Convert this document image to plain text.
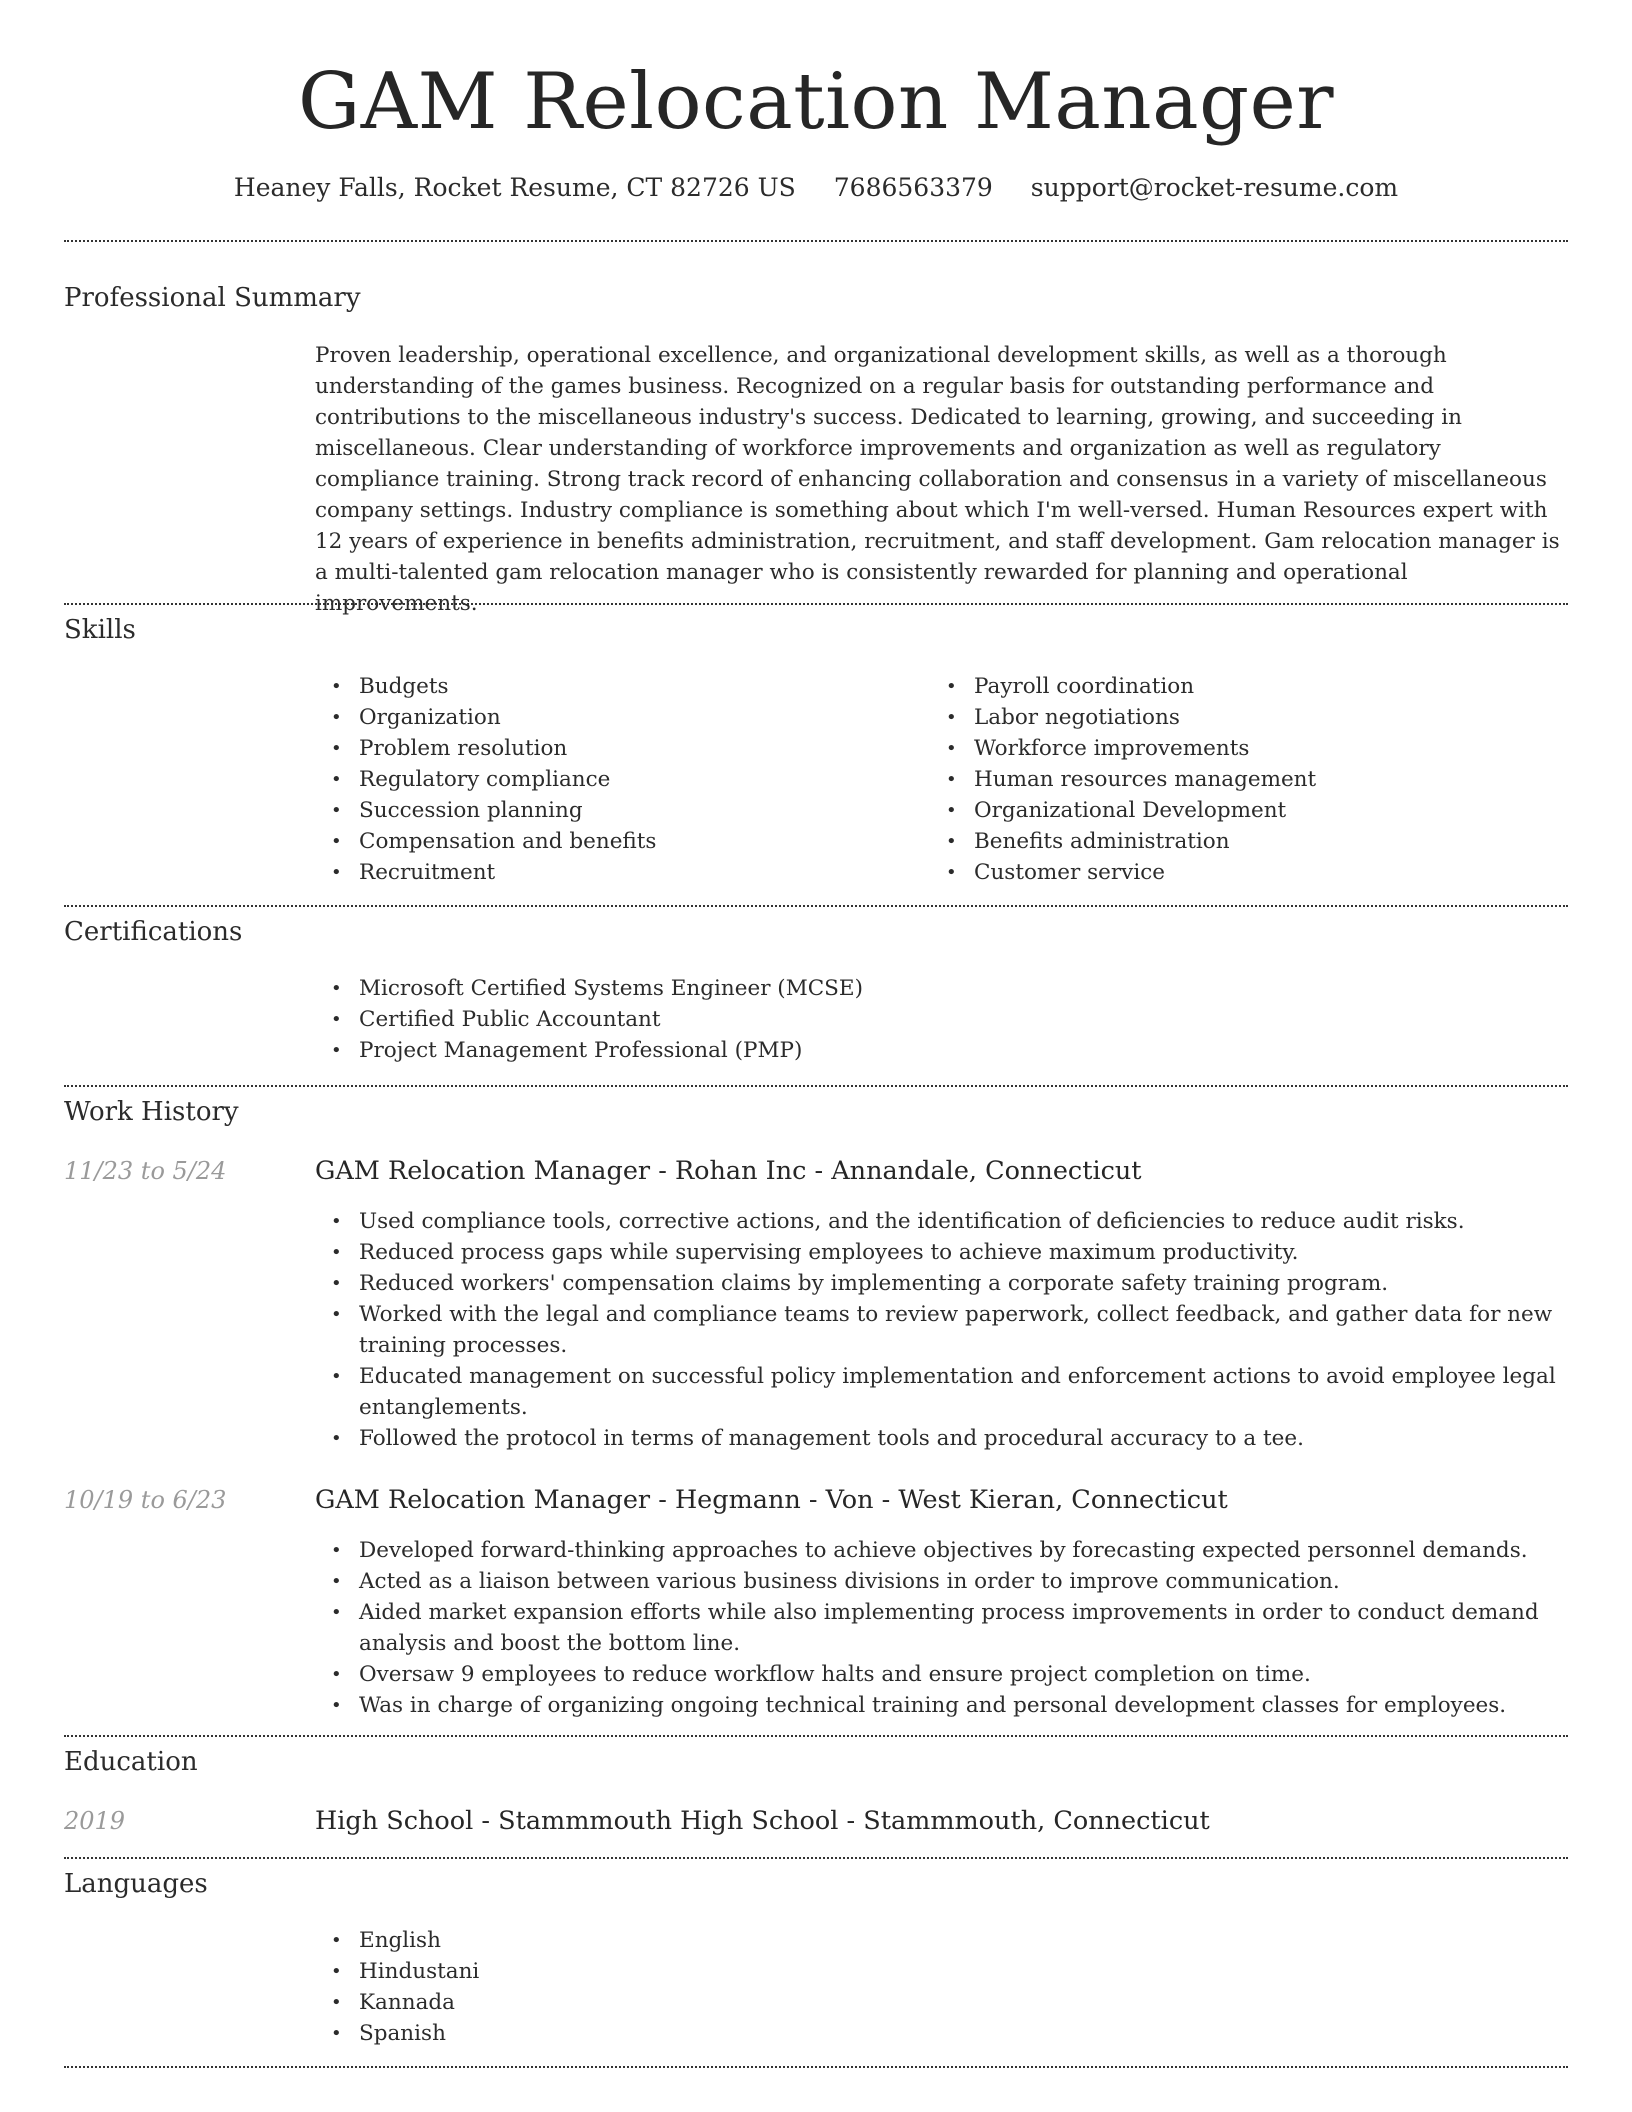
GAM Relocation Manager
Heaney Falls, Rocket Resume, CT 82726 US 7686563379 support@rocket-resume.com
Professional Summary

Proven leadership, operational excellence, and organizational development skills, as well as a thorough understanding of the games business. Recognized on a regular basis for outstanding performance and contributions to the miscellaneous industry's success. Dedicated to learning, growing, and succeeding in miscellaneous. Clear understanding of workforce improvements and organization as well as regulatory compliance training. Strong track record of enhancing collaboration and consensus in a variety of miscellaneous company settings. Industry compliance is something about which I'm well-versed. Human Resources expert with 12 years of experience in benefits administration, recruitment, and staff development. Gam relocation manager is a multi-talented gam relocation manager who is consistently rewarded for planning and operational improvements.

Skills
• Budgets
• Organization
• Problem resolution
• Regulatory compliance
• Succession planning
• Compensation and benefits
• Recruitment
• Payroll coordination
• Labor negotiations
• Workforce improvements
• Human resources management
• Organizational Development
• Benefits administration
• Customer service
Certifications
• Microsoft Certified Systems Engineer (MCSE)
• Certified Public Accountant
• Project Management Professional (PMP)
Work History
11/23 to 5/24	GAM Relocation Manager - Rohan Inc - Annandale, Connecticut
• Used compliance tools, corrective actions, and the identification of deficiencies to reduce audit risks.
• Reduced process gaps while supervising employees to achieve maximum productivity.
• Reduced workers' compensation claims by implementing a corporate safety training program.
• Worked with the legal and compliance teams to review paperwork, collect feedback, and gather data for new training processes.
• Educated management on successful policy implementation and enforcement actions to avoid employee legal entanglements.
• Followed the protocol in terms of management tools and procedural accuracy to a tee.
10/19 to 6/23	GAM Relocation Manager - Hegmann - Von - West Kieran, Connecticut
• Developed forward-thinking approaches to achieve objectives by forecasting expected personnel demands.
• Acted as a liaison between various business divisions in order to improve communication.
• Aided market expansion efforts while also implementing process improvements in order to conduct demand analysis and boost the bottom line.
• Oversaw 9 employees to reduce workflow halts and ensure project completion on time.
• Was in charge of organizing ongoing technical training and personal development classes for employees.
Education
2019	High School - Stammmouth High School - Stammmouth, Connecticut
Languages
• English
• Hindustani
• Kannada
• Spanish
